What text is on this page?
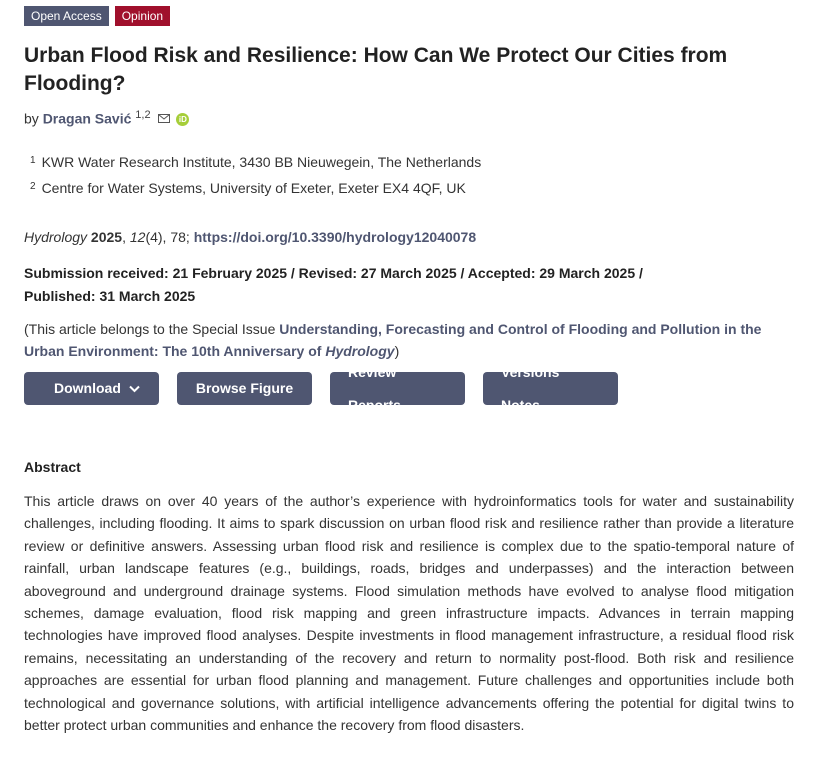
Open Access	Opinion
Urban Flood Risk and Resilience: How Can We Protect Our Cities from Flooding?
by Dragan Savić $^{1,2}$	iD
$^1$ KWR Water Research Institute, 3430 BB Nieuwegein, The Netherlands
$^2$ Centre for Water Systems, University of Exeter, Exeter EX4 4QF, UK
Hydrology 2025, 12(4), 78; https://doi.org/10.3390/hydrology12040078
Submission received: 21 February 2025 / Revised: 27 March 2025 / Accepted: 29 March 2025 /
Published: 31 March 2025
(This article belongs to the Special Issue Understanding, Forecasting and Control of Flooding and Pollution in the Urban Environment: The 10th Anniversary of Hydrology)
Download	Browse Figure
Review Reports
Versions Notes
Abstract

This article draws on over 40 years of the author’s experience with hydroinformatics tools for water and sustainability challenges, including flooding. It aims to spark discussion on urban flood risk and resilience rather than provide a literature review or definitive answers. Assessing urban flood risk and resilience is complex due to the spatio-temporal nature of rainfall, urban landscape features (e.g., buildings, roads, bridges and underpasses) and the interaction between aboveground and underground drainage systems. Flood simulation methods have evolved to analyse flood mitigation schemes, damage evaluation, flood risk mapping and green infrastructure impacts. Advances in terrain mapping technologies have improved flood analyses. Despite investments in flood management infrastructure, a residual flood risk remains, necessitating an understanding of the recovery and return to normality post-flood. Both risk and resilience approaches are essential for urban flood planning and management. Future challenges and opportunities include both technological and governance solutions, with artificial intelligence advancements offering the potential for digital twins to better protect urban communities and enhance the recovery from flood disasters.
